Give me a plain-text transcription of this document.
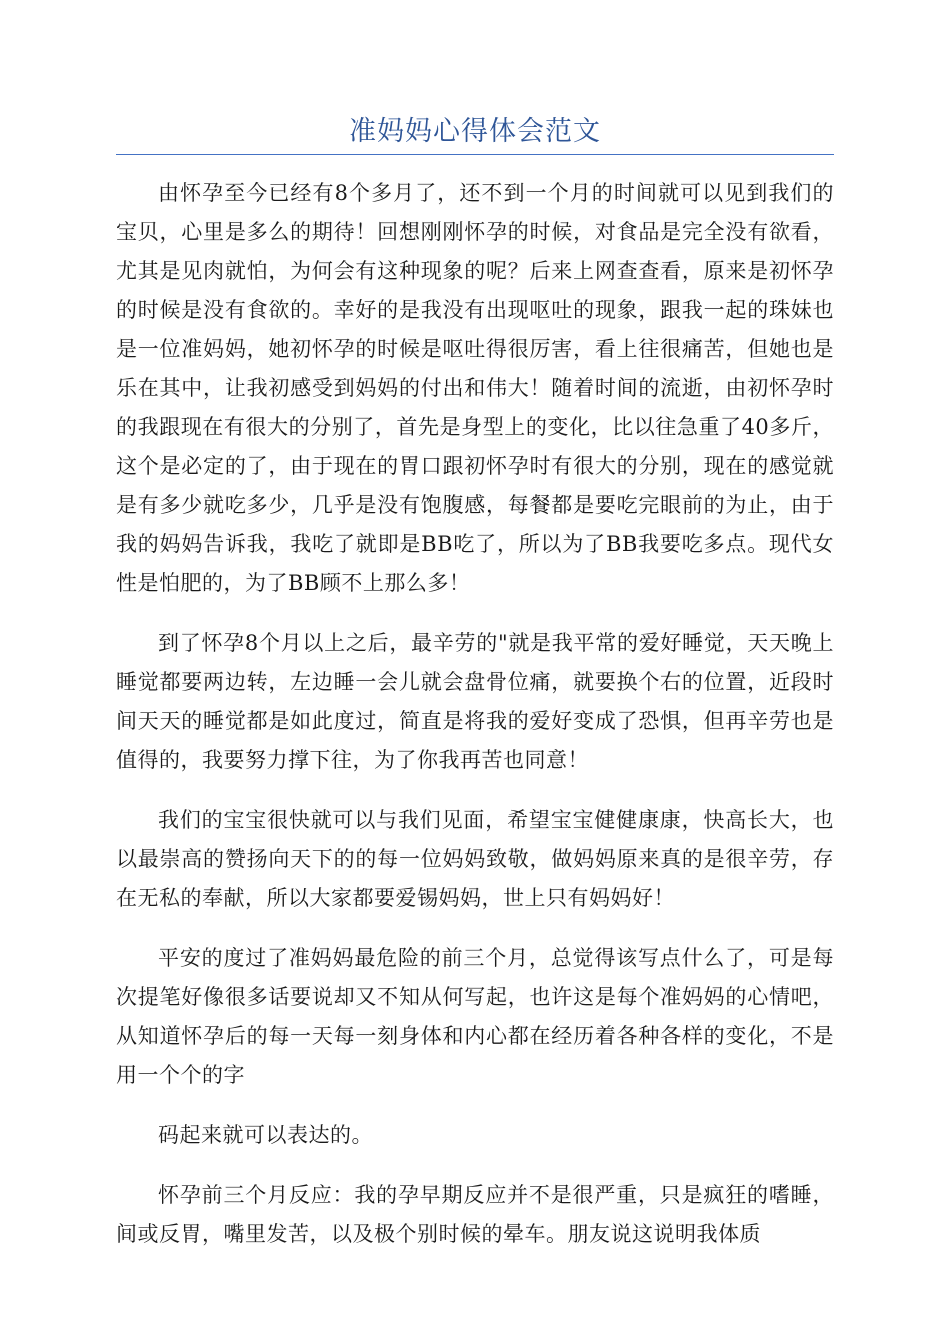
准妈妈心得体会范文

由怀孕至今已经有8个多月了，还不到一个月的时间就可以见到我们的宝贝，心里是多么的期待！回想刚刚怀孕的时候，对食品是完全没有欲看，尤其是见肉就怕，为何会有这种现象的呢？后来上网查查看，原来是初怀孕的时候是没有食欲的。幸好的是我没有出现呕吐的现象，跟我一起的珠妹也是一位准妈妈，她初怀孕的时候是呕吐得很厉害，看上往很痛苦，但她也是乐在其中，让我初感受到妈妈的付出和伟大！随着时间的流逝，由初怀孕时的我跟现在有很大的分别了，首先是身型上的变化，比以往急重了40多斤，这个是必定的了，由于现在的胃口跟初怀孕时有很大的分别，现在的感觉就是有多少就吃多少，几乎是没有饱腹感，每餐都是要吃完眼前的为止，由于我的妈妈告诉我，我吃了就即是BB吃了，所以为了BB我要吃多点。现代女性是怕肥的，为了BB顾不上那么多！

到了怀孕8个月以上之后，最辛劳的"就是我平常的爱好睡觉，天天晚上睡觉都要两边转，左边睡一会儿就会盘骨位痛，就要换个右的位置，近段时间天天的睡觉都是如此度过，简直是将我的爱好变成了恐惧，但再辛劳也是值得的，我要努力撑下往，为了你我再苦也同意！

我们的宝宝很快就可以与我们见面，希望宝宝健健康康，快高长大，也以最崇高的赞扬向天下的的每一位妈妈致敬，做妈妈原来真的是很辛劳，存在无私的奉献，所以大家都要爱锡妈妈，世上只有妈妈好！

平安的度过了准妈妈最危险的前三个月，总觉得该写点什么了，可是每次提笔好像很多话要说却又不知从何写起，也许这是每个准妈妈的心情吧，从知道怀孕后的每一天每一刻身体和内心都在经历着各种各样的变化，不是用一个个的字

码起来就可以表达的。

怀孕前三个月反应：我的孕早期反应并不是很严重，只是疯狂的嗜睡，间或反胃，嘴里发苦，以及极个别时候的晕车。朋友说这说明我体质
